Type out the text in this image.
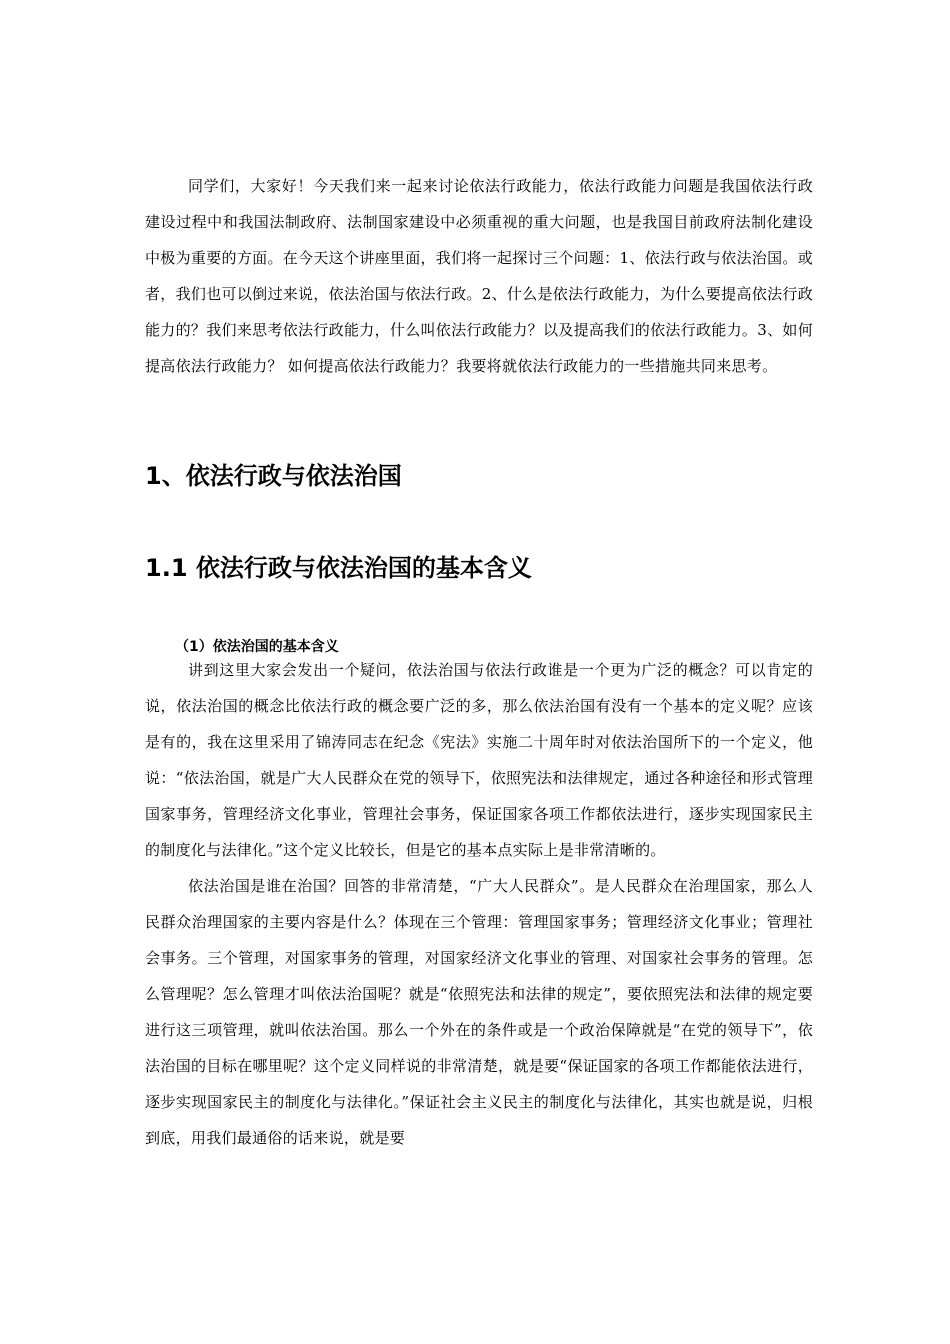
同学们，大家好！今天我们来一起来讨论依法行政能力，依法行政能力问题是我国依法行政建设过程中和我国法制政府、法制国家建设中必须重视的重大问题，也是我国目前政府法制化建设中极为重要的方面。在今天这个讲座里面，我们将一起探讨三个问题：1、依法行政与依法治国。或者，我们也可以倒过来说，依法治国与依法行政。2、什么是依法行政能力，为什么要提高依法行政能力的？我们来思考依法行政能力，什么叫依法行政能力？以及提高我们的依法行政能力。3、如何提高依法行政能力？ 如何提高依法行政能力？我要将就依法行政能力的一些措施共同来思考。

1、依法行政与依法治国
1.1 依法行政与依法治国的基本含义
（1）依法治国的基本含义

讲到这里大家会发出一个疑问，依法治国与依法行政谁是一个更为广泛的概念？可以肯定的说，依法治国的概念比依法行政的概念要广泛的多，那么依法治国有没有一个基本的定义呢？应该是有的，我在这里采用了锦涛同志在纪念《宪法》实施二十周年时对依法治国所下的一个定义，他说：“依法治国，就是广大人民群众在党的领导下，依照宪法和法律规定，通过各种途径和形式管理国家事务，管理经济文化事业，管理社会事务，保证国家各项工作都依法进行，逐步实现国家民主的制度化与法律化。”这个定义比较长，但是它的基本点实际上是非常清晰的。

依法治国是谁在治国？回答的非常清楚，“广大人民群众”。是人民群众在治理国家，那么人民群众治理国家的主要内容是什么？体现在三个管理：管理国家事务；管理经济文化事业；管理社会事务。三个管理，对国家事务的管理，对国家经济文化事业的管理、对国家社会事务的管理。怎么管理呢？怎么管理才叫依法治国呢？就是“依照宪法和法律的规定”，要依照宪法和法律的规定要进行这三项管理，就叫依法治国。那么一个外在的条件或是一个政治保障就是“在党的领导下”，依法治国的目标在哪里呢？这个定义同样说的非常清楚，就是要“保证国家的各项工作都能依法进行，逐步实现国家民主的制度化与法律化。”保证社会主义民主的制度化与法律化，其实也就是说，归根到底，用我们最通俗的话来说，就是要
